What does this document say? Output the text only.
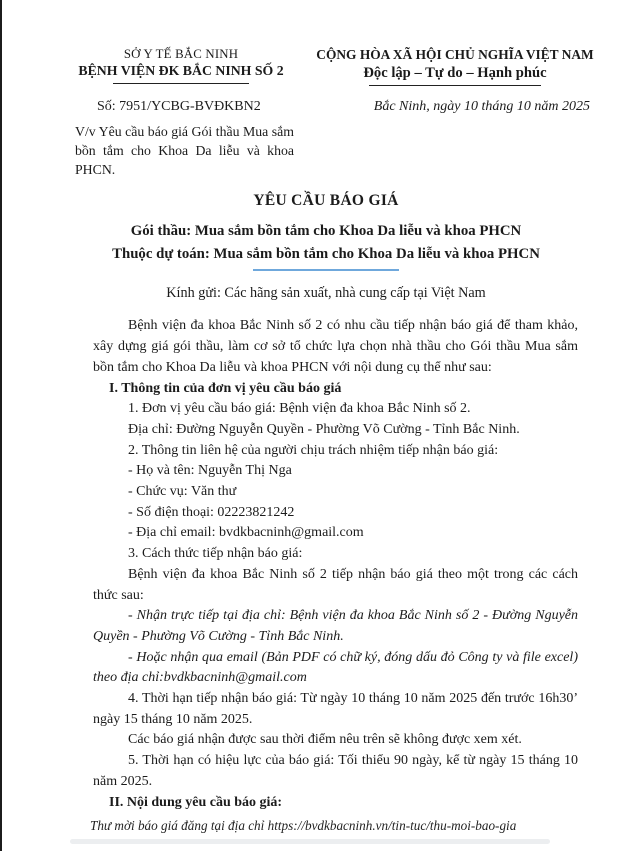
SỞ Y TẾ BẮC NINH
BỆNH VIỆN ĐK BẮC NINH SỐ 2
CỘNG HÒA XÃ HỘI CHỦ NGHĨA VIỆT NAM
Độc lập – Tự do – Hạnh phúc
Số: 7951/YCBG-BVĐKBN2	Bắc Ninh, ngày 10 tháng 10 năm 2025
V/v Yêu cầu báo giá Gói thầu Mua sắm bồn tắm cho Khoa Da liễu và khoa PHCN.
YÊU CẦU BÁO GIÁ
Gói thầu: Mua sắm bồn tắm cho Khoa Da liễu và khoa PHCN
Thuộc dự toán: Mua sắm bồn tắm cho Khoa Da liễu và khoa PHCN
Kính gửi: Các hãng sản xuất, nhà cung cấp tại Việt Nam

Bệnh viện đa khoa Bắc Ninh số 2 có nhu cầu tiếp nhận báo giá để tham khảo, xây dựng giá gói thầu, làm cơ sở tổ chức lựa chọn nhà thầu cho Gói thầu Mua sắm bồn tắm cho Khoa Da liễu và khoa PHCN với nội dung cụ thể như sau:

I. Thông tin của đơn vị yêu cầu báo giá

1. Đơn vị yêu cầu báo giá: Bệnh viện đa khoa Bắc Ninh số 2.

Địa chỉ: Đường Nguyễn Quyền - Phường Võ Cường - Tỉnh Bắc Ninh.

2. Thông tin liên hệ của người chịu trách nhiệm tiếp nhận báo giá:

- Họ và tên: Nguyễn Thị Nga

- Chức vụ: Văn thư

- Số điện thoại: 02223821242

- Địa chỉ email: bvdkbacninh@gmail.com

3. Cách thức tiếp nhận báo giá:

Bệnh viện đa khoa Bắc Ninh số 2 tiếp nhận báo giá theo một trong các cách thức sau:

- Nhận trực tiếp tại địa chỉ: Bệnh viện đa khoa Bắc Ninh số 2 - Đường Nguyễn Quyền - Phường Võ Cường - Tỉnh Bắc Ninh.

- Hoặc nhận qua email (Bản PDF có chữ ký, đóng dấu đỏ Công ty và file excel) theo địa chỉ:bvdkbacninh@gmail.com

4. Thời hạn tiếp nhận báo giá: Từ ngày 10 tháng 10 năm 2025 đến trước 16h30’ ngày 15 tháng 10 năm 2025.

Các báo giá nhận được sau thời điểm nêu trên sẽ không được xem xét.

5. Thời hạn có hiệu lực của báo giá: Tối thiểu 90 ngày, kể từ ngày 15 tháng 10 năm 2025.

II. Nội dung yêu cầu báo giá:

Thư mời báo giá đăng tại địa chỉ https://bvdkbacninh.vn/tin-tuc/thu-moi-bao-gia
